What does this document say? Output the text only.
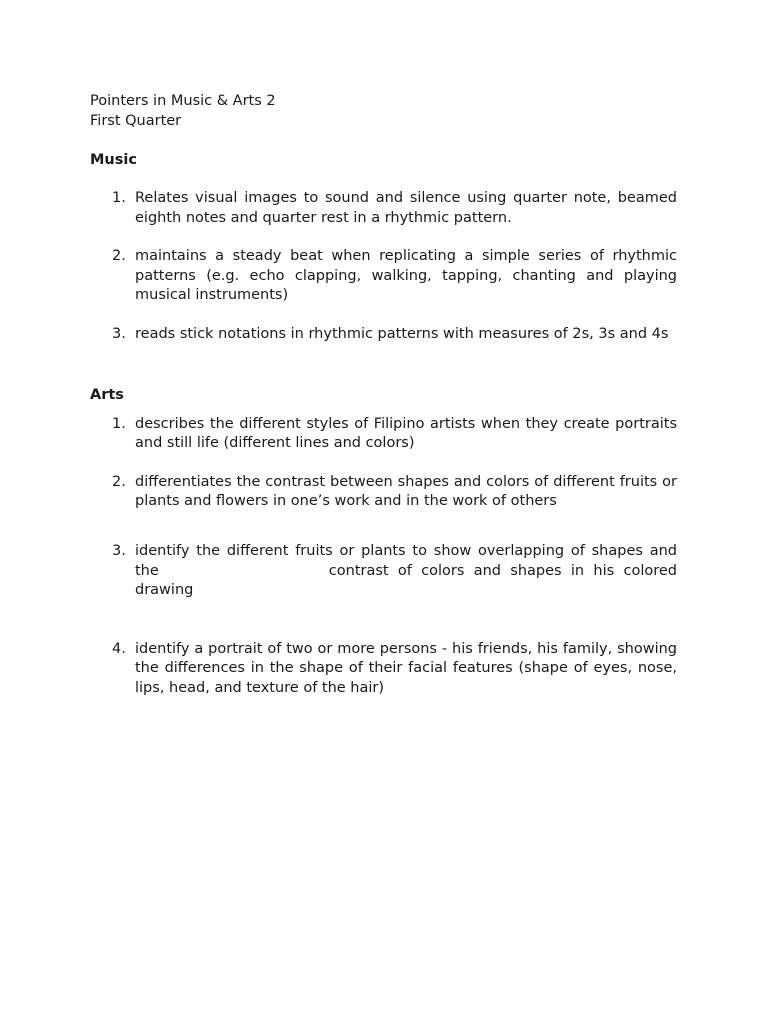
Pointers in Music & Arts 2

First Quarter

Music

1. Relates visual images to sound and silence using quarter note, beamed eighth notes and quarter rest in a rhythmic pattern.
2. maintains a steady beat when replicating a simple series of rhythmic patterns (e.g. echo clapping, walking, tapping, chanting and playing musical instruments)
3. reads stick notations in rhythmic patterns with measures of 2s, 3s and 4s

Arts

1. describes the different styles of Filipino artists when they create portraits and still life (different lines and colors)
2. differentiates the contrast between shapes and colors of different fruits or plants and flowers in one’s work and in the work of others
3. identify the different fruits or plants to show overlapping of shapes and the	contrast of colors and shapes in his colored drawing
4. identify a portrait of two or more persons - his friends, his family, showing the differences in the shape of their facial features (shape of eyes, nose, lips, head, and texture of the hair)
